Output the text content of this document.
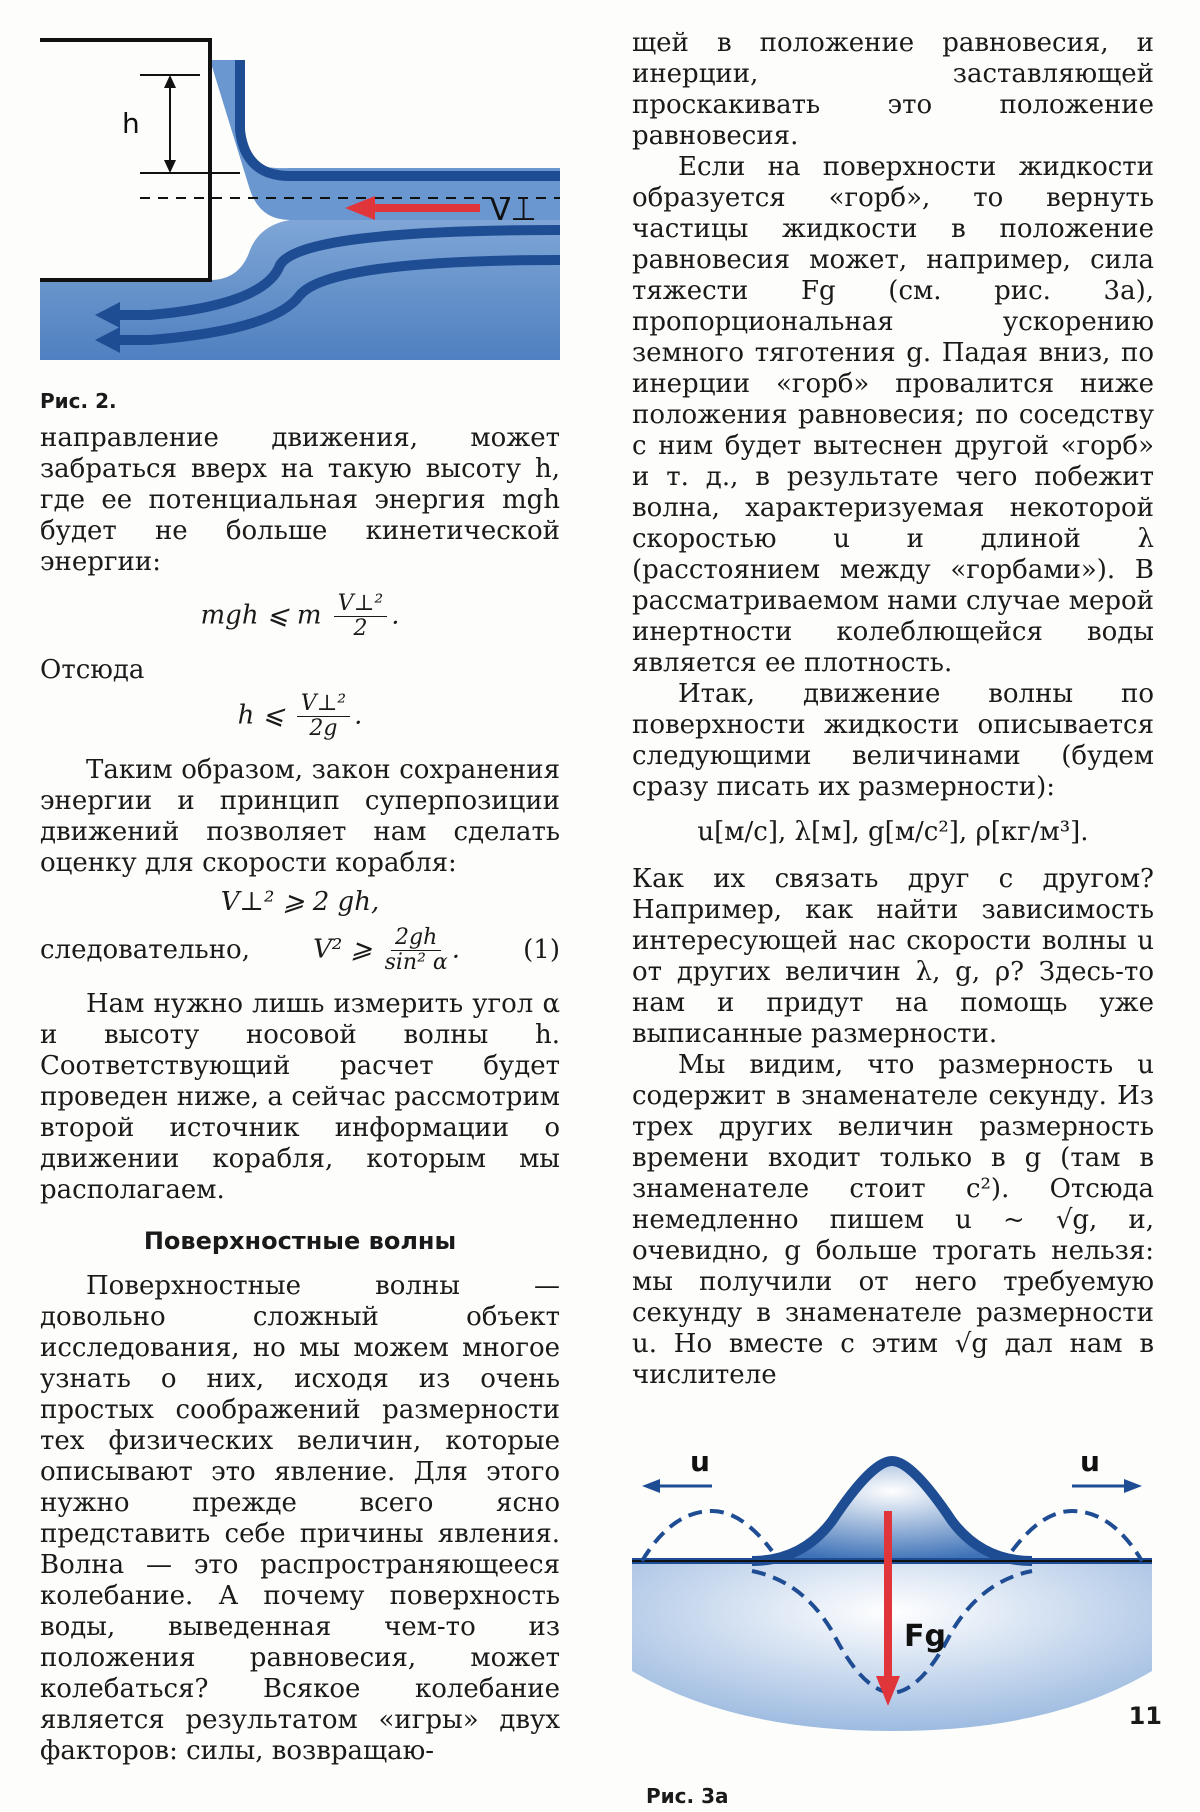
h
V⊥

Рис. 2.

направление движения, может забраться вверх на такую высоту h, где ее потенциальная энергия mgh будет не больше кинетической энергии:

mgh ⩽ m $\frac{\text{V⊥²}}{2}$ .

Отсюда

h ⩽ $\frac{\text{V⊥²}}{2g}$ .

Таким образом, закон сохранения энергии и принцип суперпозиции движений позволяет нам сделать оценку для скорости корабля:

V⊥² ⩾ 2 gh,

следовательно, V² ⩾ $\frac{2gh}{\text{sin² α}}$ . (1)

Нам нужно лишь измерить угол α и высоту носовой волны h. Соответствующий расчет будет проведен ниже, а сейчас рассмотрим второй источник информации о движении корабля, которым мы располагаем.

Поверхностные волны

Поверхностные волны — довольно сложный объект исследования, но мы можем многое узнать о них, исходя из очень простых соображений размерности тех физических величин, которые описывают это явление. Для этого нужно прежде всего ясно представить себе причины явления. Волна — это распространяющееся колебание. А почему поверхность воды, выведенная чем-то из положения равновесия, может колебаться? Всякое колебание является результатом «игры» двух факторов: силы, возвращаю-

щей в положение равновесия, и инерции, заставляющей проскакивать это положение равновесия.

Если на поверхности жидкости образуется «горб», то вернуть частицы жидкости в положение равновесия может, например, сила тяжести Fg (см. рис. 3а), пропорциональная ускорению земного тяготения g. Падая вниз, по инерции «горб» провалится ниже положения равновесия; по соседству с ним будет вытеснен другой «горб» и т. д., в результате чего побежит волна, характеризуемая некоторой скоростью u и длиной λ (расстоянием между «горбами»). В рассматриваемом нами случае мерой инертности колеблющейся воды является ее плотность.

Итак, движение волны по поверхности жидкости описывается следующими величинами (будем сразу писать их размерности):

u[м/с], λ[м], g[м/с²], ρ[кг/м³].

Как их связать друг с другом? Например, как найти зависимость интересующей нас скорости волны u от других величин λ, g, ρ? Здесь-то нам и придут на помощь уже выписанные размерности.

Мы видим, что размерность u содержит в знаменателе секунду. Из трех других величин размерность времени входит только в g (там в знаменателе стоит с²). Отсюда немедленно пишем u ~ √g, и, очевидно, g больше трогать нельзя: мы получили от него требуемую секунду в знаменателе размерности u. Но вместе с этим √g дал нам в числителе

u	u
Fg

Рис. 3а

11
